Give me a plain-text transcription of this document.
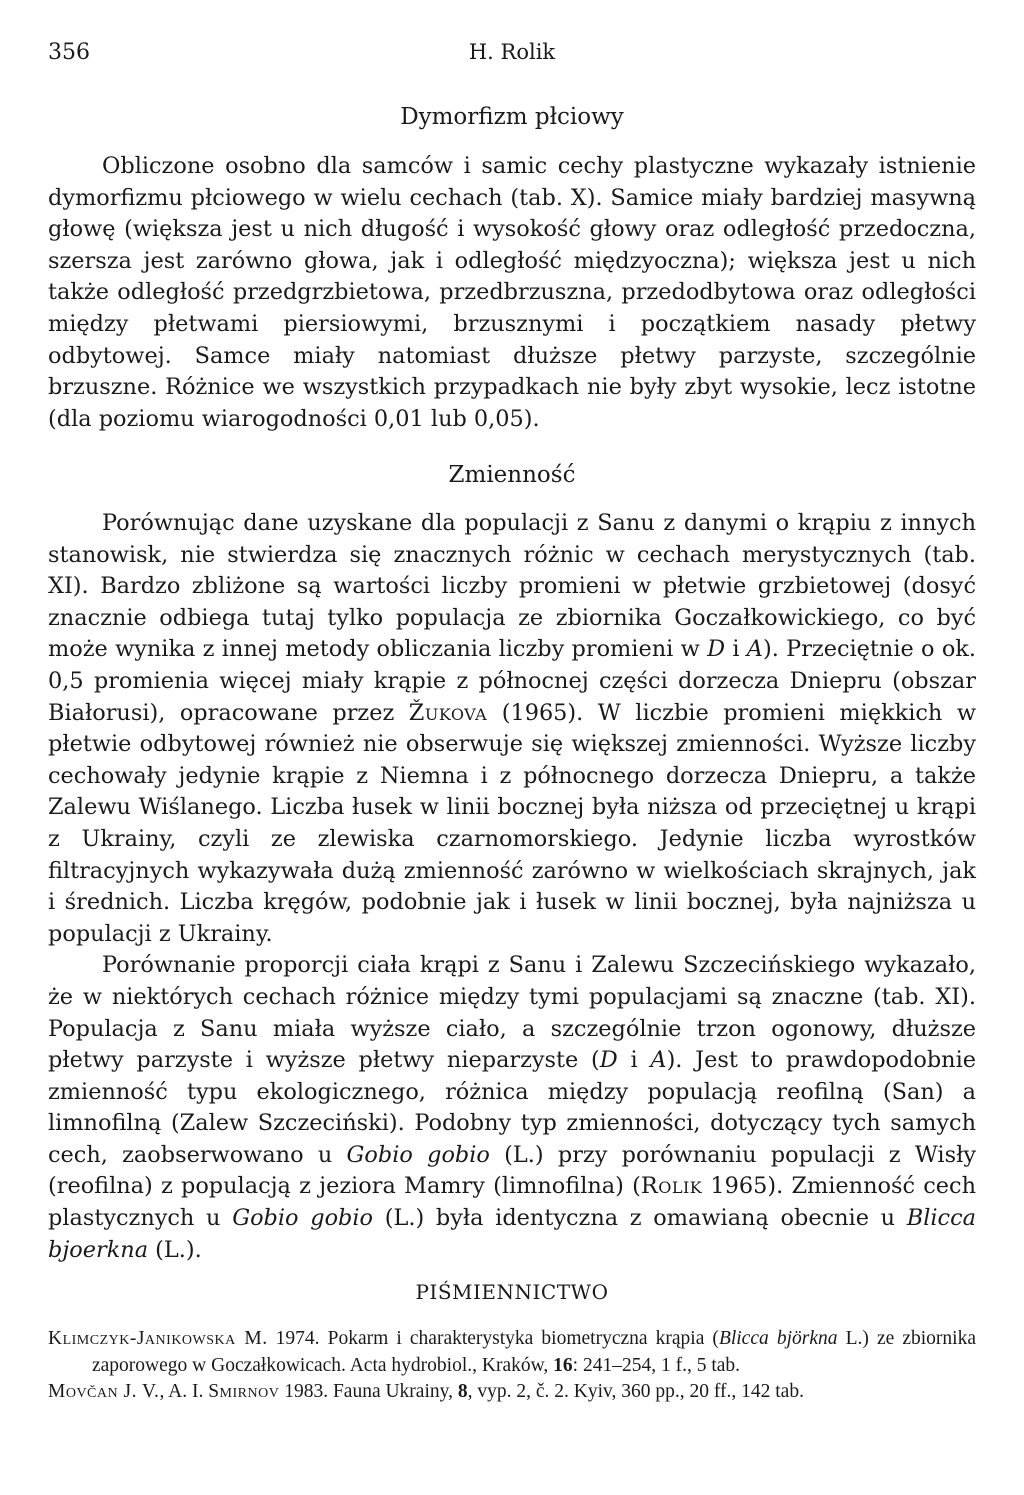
356	H. Rolik
Dymorfizm płciowy

Obliczone osobno dla samców i samic cechy plastyczne wykazały istnienie dymorfizmu płciowego w wielu cechach (tab. X). Samice miały bardziej masywną głowę (większa jest u nich długość i wysokość głowy oraz odległość przedoczna, szersza jest zarówno głowa, jak i odległość międzyoczna); większa jest u nich także odległość przedgrzbietowa, przedbrzuszna, przedodbytowa oraz odległości między płetwami piersiowymi, brzusznymi i początkiem nasady płetwy odbytowej. Samce miały natomiast dłuższe płetwy parzyste, szczególnie brzuszne. Różnice we wszystkich przypadkach nie były zbyt wysokie, lecz istotne (dla poziomu wiarogodności 0,01 lub 0,05).

Zmienność

Porównując dane uzyskane dla populacji z Sanu z danymi o krąpiu z innych stanowisk, nie stwierdza się znacznych różnic w cechach merystycznych (tab. XI). Bardzo zbliżone są wartości liczby promieni w płetwie grzbietowej (dosyć znacznie odbiega tutaj tylko populacja ze zbiornika Goczałkowickiego, co być może wynika z innej metody obliczania liczby promieni w D i A). Przeciętnie o ok. 0,5 promienia więcej miały krąpie z północnej części dorzecza Dniepru (obszar Białorusi), opracowane przez Žukova (1965). W liczbie promieni miękkich w płetwie odbytowej również nie obserwuje się większej zmienności. Wyższe liczby cechowały jedynie krąpie z Niemna i z północnego dorzecza Dniepru, a także Zalewu Wiślanego. Liczba łusek w linii bocznej była niższa od przeciętnej u krąpi z Ukrainy, czyli ze zlewiska czarnomorskiego. Jedynie liczba wyrostków filtracyjnych wykazywała dużą zmienność zarówno w wielkościach skrajnych, jak i średnich. Liczba kręgów, podobnie jak i łusek w linii bocznej, była najniższa u populacji z Ukrainy.

Porównanie proporcji ciała krąpi z Sanu i Zalewu Szczecińskiego wykazało, że w niektórych cechach różnice między tymi populacjami są znaczne (tab. XI). Populacja z Sanu miała wyższe ciało, a szczególnie trzon ogonowy, dłuższe płetwy parzyste i wyższe płetwy nieparzyste (D i A). Jest to prawdopodobnie zmienność typu ekologicznego, różnica między populacją reofilną (San) a limnofilną (Zalew Szczeciński). Podobny typ zmienności, dotyczący tych samych cech, zaobserwowano u Gobio gobio (L.) przy porównaniu populacji z Wisły (reofilna) z populacją z jeziora Mamry (limnofilna) (Rolik 1965). Zmienność cech plastycznych u Gobio gobio (L.) była identyczna z omawianą obecnie u Blicca bjoerkna (L.).

PIŚMIENNICTWO
Klimczyk-Janikowska M. 1974. Pokarm i charakterystyka biometryczna krąpia (Blicca björkna L.) ze zbiornika zaporowego w Goczałkowicach. Acta hydrobiol., Kraków, 16: 241–254, 1 f., 5 tab.
Movčan J. V., A. I. Smirnov 1983. Fauna Ukrainy, 8, vyp. 2, č. 2. Kyiv, 360 pp., 20 ff., 142 tab.
